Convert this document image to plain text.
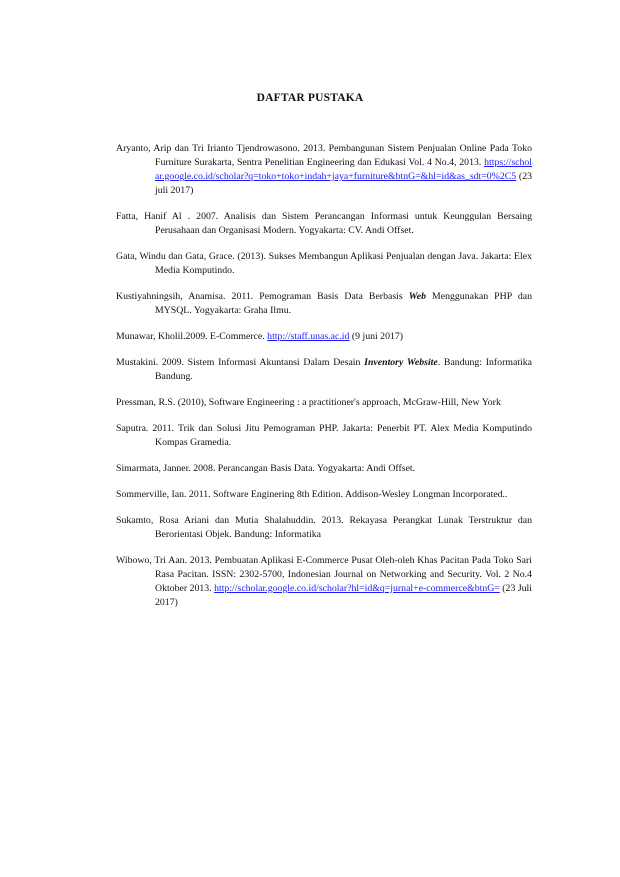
DAFTAR PUSTAKA

Aryanto, Arip dan Tri Irianto Tjendrowasono. 2013. Pembangunan Sistem Penjualan Online Pada Toko Furniture Surakarta, Sentra Penelitian Engineering dan Edukasi Vol. 4 No.4, 2013. https://scholar.google.co.id/scholar?q=toko+toko+indah+jaya+furniture&btnG=&hl=id&as_sdt=0%2C5 (23 juli 2017)

Fatta, Hanif Al . 2007. Analisis dan Sistem Perancangan Informasi untuk Keunggulan Bersaing Perusahaan dan Organisasi Modern. Yogyakarta: CV. Andi Offset.

Gata, Windu dan Gata, Grace. (2013). Sukses Membangun Aplikasi Penjualan dengan Java. Jakarta: Elex Media Komputindo.

Kustiyahningsih, Anamisa. 2011. Pemograman Basis Data Berbasis Web Menggunakan PHP dan MYSQL. Yogyakarta: Graha Ilmu.

Munawar, Kholil.2009. E-Commerce. http://staff.unas.ac.id (9 juni 2017)

Mustakini. 2009. Sistem Informasi Akuntansi Dalam Desain Inventory Website. Bandung: Informatika Bandung.

Pressman, R.S. (2010), Software Engineering : a practitioner's approach, McGraw-Hill, New York

Saputra. 2011. Trik dan Solusi Jitu Pemograman PHP. Jakarta: Penerbit PT. Alex Media Komputindo Kompas Gramedia.

Simarmata, Janner. 2008. Perancangan Basis Data. Yogyakarta: Andi Offset.

Sommerville, Ian. 2011. Software Enginering 8th Edition. Addison-Wesley Longman Incorporated..

Sukamto, Rosa Ariani dan Mutia Shalahuddin. 2013. Rekayasa Perangkat Lunak Terstruktur dan Berorientasi Objek. Bandung: Informatika

Wibowo, Tri Aan. 2013. Pembuatan Aplikasi E-Commerce Pusat Oleh-oleh Khas Pacitan Pada Toko Sari Rasa Pacitan. ISSN: 2302-5700, Indonesian Journal on Networking and Security. Vol. 2 No.4 Oktober 2013. http://scholar.google.co.id/scholar?hl=id&q=jurnal+e-commerce&btnG= (23 Juli 2017)
